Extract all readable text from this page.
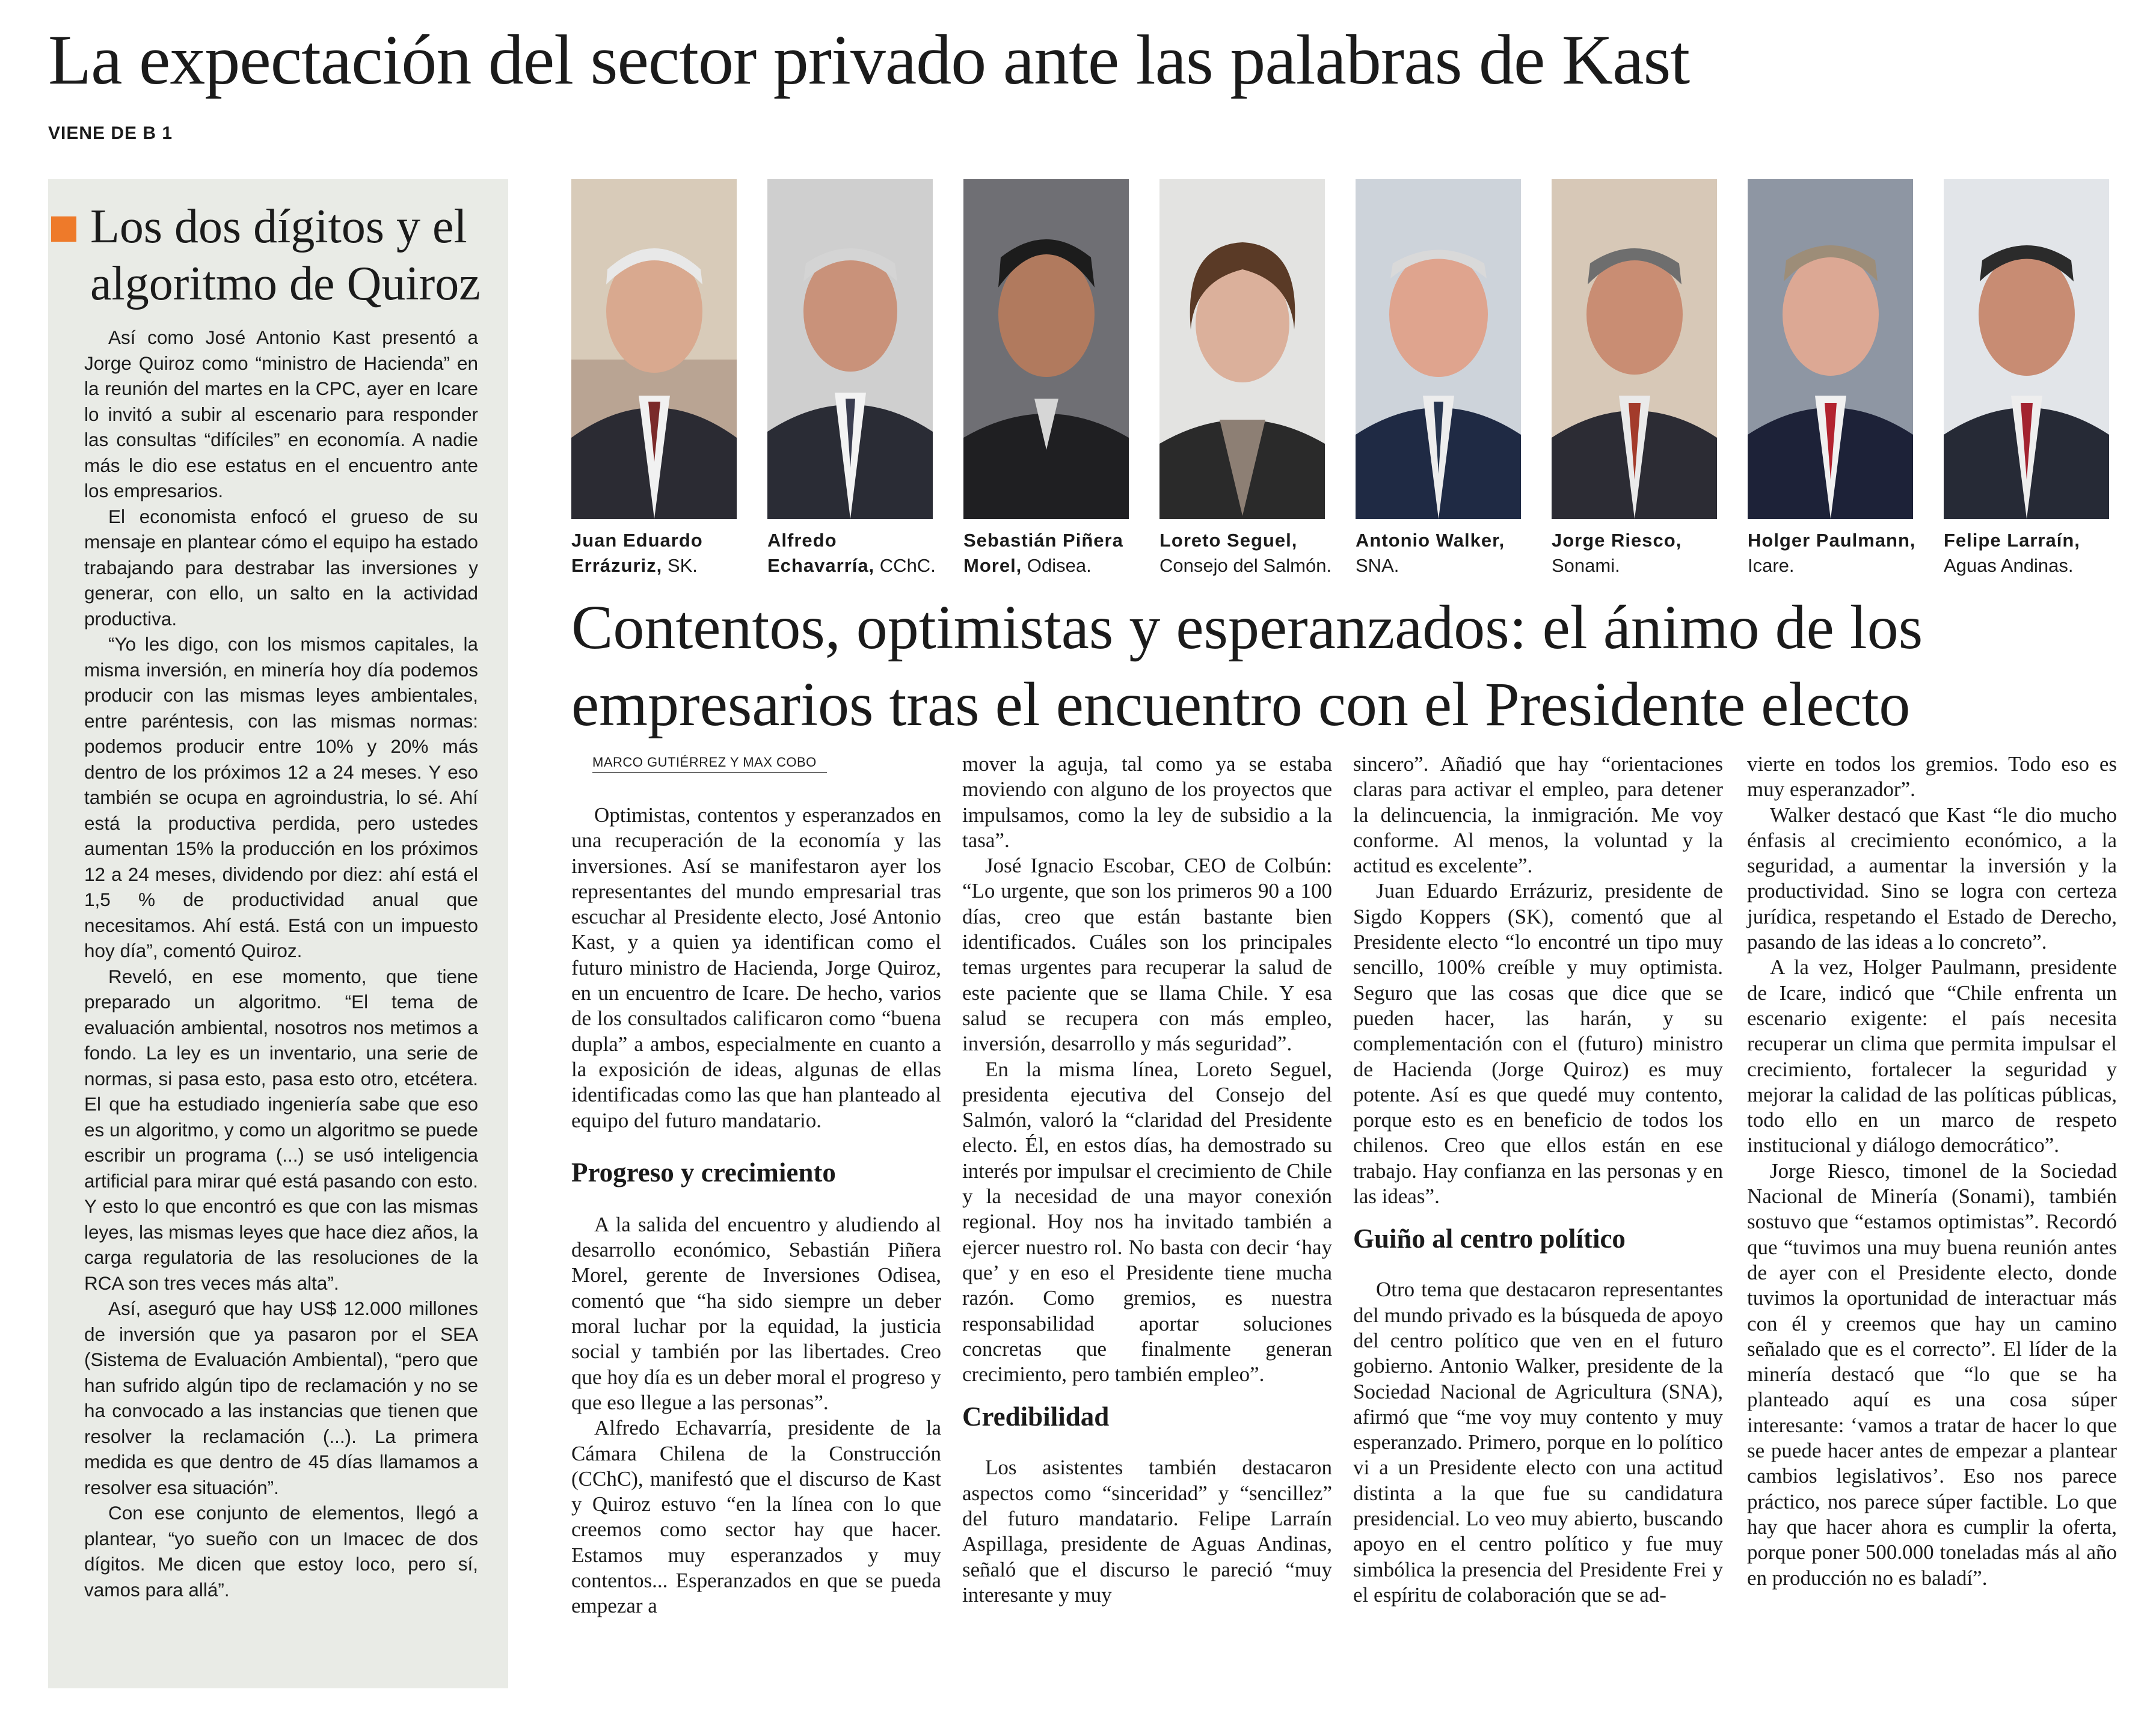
La expectación del sector privado ante las palabras de Kast
VIENE DE B 1
Los dos dígitos y el algoritmo de Quiroz

Así como José Antonio Kast presentó a Jorge Quiroz como “ministro de Hacienda” en la reunión del martes en la CPC, ayer en Icare lo invitó a subir al escenario para responder las consultas “difíciles” en economía. A nadie más le dio ese estatus en el encuentro ante los empresarios.

El economista enfocó el grueso de su mensaje en plantear cómo el equipo ha estado trabajando para destrabar las inversiones y generar, con ello, un salto en la actividad productiva.

“Yo les digo, con los mismos capitales, la misma inversión, en minería hoy día podemos producir con las mismas leyes ambientales, entre paréntesis, con las mismas normas: podemos producir entre 10% y 20% más dentro de los próximos 12 a 24 meses. Y eso también se ocupa en agroindustria, lo sé. Ahí está la productiva perdida, pero ustedes aumentan 15% la producción en los próximos 12 a 24 meses, dividendo por diez: ahí está el 1,5 % de productividad anual que necesitamos. Ahí está. Está con un impuesto hoy día”, comentó Quiroz.

Reveló, en ese momento, que tiene preparado un algoritmo. “El tema de evaluación ambiental, nosotros nos metimos a fondo. La ley es un inventario, una serie de normas, si pasa esto, pasa esto otro, etcétera. El que ha estudiado ingeniería sabe que eso es un algoritmo, y como un algoritmo se puede escribir un programa (...) se usó inteligencia artificial para mirar qué está pasando con esto. Y esto lo que encontró es que con las mismas leyes, las mismas leyes que hace diez años, la carga regulatoria de las resoluciones de la RCA son tres veces más alta”.

Así, aseguró que hay US$ 12.000 millones de inversión que ya pasaron por el SEA (Sistema de Evaluación Ambiental), “pero que han sufrido algún tipo de reclamación y no se ha convocado a las instancias que tienen que resolver la reclamación (...). La primera medida es que dentro de 45 días llamamos a resolver esa situación”.

Con ese conjunto de elementos, llegó a plantear, “yo sueño con un Imacec de dos dígitos. Me dicen que estoy loco, pero sí, vamos para allá”.

Juan Eduardo Errázuriz, SK.
Alfredo Echavarría, CChC.
Sebastián Piñera Morel, Odisea.
Loreto Seguel, Consejo del Salmón.
Antonio Walker, SNA.
Jorge Riesco, Sonami.
Holger Paulmann, Icare.
Felipe Larraín, Aguas Andinas.
Contentos, optimistas y esperanzados: el ánimo de los empresarios tras el encuentro con el Presidente electo
MARCO GUTIÉRREZ Y MAX COBO

Optimistas, contentos y esperanzados en una recuperación de la economía y las inversiones. Así se manifestaron ayer los representantes del mundo empresarial tras escuchar al Presidente electo, José Antonio Kast, y a quien ya identifican como el futuro ministro de Hacienda, Jorge Quiroz, en un encuentro de Icare. De hecho, varios de los consultados calificaron como “buena dupla” a ambos, especialmente en cuanto a la exposición de ideas, algunas de ellas identificadas como las que han planteado al equipo del futuro mandatario.

Progreso y crecimiento

A la salida del encuentro y aludiendo al desarrollo económico, Sebastián Piñera Morel, gerente de Inversiones Odisea, comentó que “ha sido siempre un deber moral luchar por la equidad, la justicia social y también por las libertades. Creo que hoy día es un deber moral el progreso y que eso llegue a las personas”.

Alfredo Echavarría, presidente de la Cámara Chilena de la Construcción (CChC), manifestó que el discurso de Kast y Quiroz estuvo “en la línea con lo que creemos como sector hay que hacer. Estamos muy esperanzados y muy contentos... Esperanzados en que se pueda empezar a

mover la aguja, tal como ya se estaba moviendo con alguno de los proyectos que impulsamos, como la ley de subsidio a la tasa”.

José Ignacio Escobar, CEO de Colbún: “Lo urgente, que son los primeros 90 a 100 días, creo que están bastante bien identificados. Cuáles son los principales temas urgentes para recuperar la salud de este paciente que se llama Chile. Y esa salud se recupera con más empleo, inversión, desarrollo y más seguridad”.

En la misma línea, Loreto Seguel, presidenta ejecutiva del Consejo del Salmón, valoró la “claridad del Presidente electo. Él, en estos días, ha demostrado su interés por impulsar el crecimiento de Chile y la necesidad de una mayor conexión regional. Hoy nos ha invitado también a ejercer nuestro rol. No basta con decir ‘hay que’ y en eso el Presidente tiene mucha razón. Como gremios, es nuestra responsabilidad aportar soluciones concretas que finalmente generan crecimiento, pero también empleo”.

Credibilidad

Los asistentes también destacaron aspectos como “sinceridad” y “sencillez” del futuro mandatario. Felipe Larraín Aspillaga, presidente de Aguas Andinas, señaló que el discurso le pareció “muy interesante y muy

sincero”. Añadió que hay “orientaciones claras para activar el empleo, para detener la delincuencia, la inmigración. Me voy conforme. Al menos, la voluntad y la actitud es excelente”.

Juan Eduardo Errázuriz, presidente de Sigdo Koppers (SK), comentó que al Presidente electo “lo encontré un tipo muy sencillo, 100% creíble y muy optimista. Seguro que las cosas que dice que se pueden hacer, las harán, y su complementación con el (futuro) ministro de Hacienda (Jorge Quiroz) es muy potente. Así es que quedé muy contento, porque esto es en beneficio de todos los chilenos. Creo que ellos están en ese trabajo. Hay confianza en las personas y en las ideas”.

Guiño al centro político

Otro tema que destacaron representantes del mundo privado es la búsqueda de apoyo del centro político que ven en el futuro gobierno. Antonio Walker, presidente de la Sociedad Nacional de Agricultura (SNA), afirmó que “me voy muy contento y muy esperanzado. Primero, porque en lo político vi a un Presidente electo con una actitud distinta a la que fue su candidatura presidencial. Lo veo muy abierto, buscando apoyo en el centro político y fue muy simbólica la presencia del Presidente Frei y el espíritu de colaboración que se ad-

vierte en todos los gremios. Todo eso es muy esperanzador”.

Walker destacó que Kast “le dio mucho énfasis al crecimiento económico, a la seguridad, a aumentar la inversión y la productividad. Sino se logra con certeza jurídica, respetando el Estado de Derecho, pasando de las ideas a lo concreto”.

A la vez, Holger Paulmann, presidente de Icare, indicó que “Chile enfrenta un escenario exigente: el país necesita recuperar un clima que permita impulsar el crecimiento, fortalecer la seguridad y mejorar la calidad de las políticas públicas, todo ello en un marco de respeto institucional y diálogo democrático”.

Jorge Riesco, timonel de la Sociedad Nacional de Minería (Sonami), también sostuvo que “estamos optimistas”. Recordó que “tuvimos una muy buena reunión antes de ayer con el Presidente electo, donde tuvimos la oportunidad de interactuar más con él y creemos que hay un camino señalado que es el correcto”. El líder de la minería destacó que “lo que se ha planteado aquí es una cosa súper interesante: ‘vamos a tratar de hacer lo que se puede hacer antes de empezar a plantear cambios legislativos’. Eso nos parece práctico, nos parece súper factible. Lo que hay que hacer ahora es cumplir la oferta, porque poner 500.000 toneladas más al año en producción no es baladí”.
